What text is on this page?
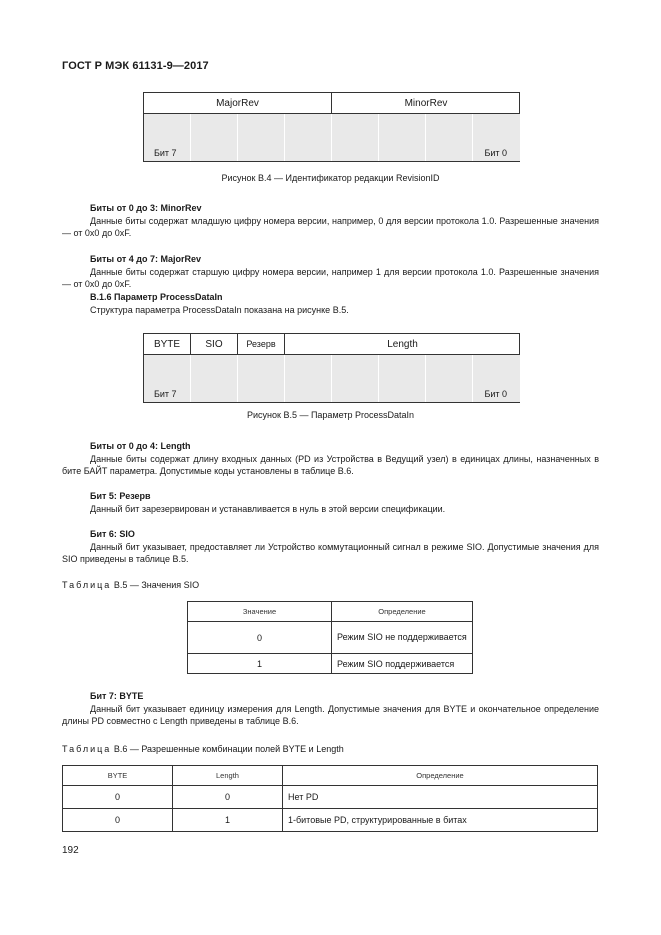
ГОСТ Р МЭК 61131-9—2017
MajorRev	MinorRev
Бит 7	Бит 0
Рисунок В.4 — Идентификатор редакции RevisionID
Биты от 0 до 3: MinorRev
Данные биты содержат младшую цифру номера версии, например, 0 для версии протокола 1.0. Разрешенные значения — от 0x0 до 0xF.
Биты от 4 до 7: MajorRev
Данные биты содержат старшую цифру номера версии, например 1 для версии протокола 1.0. Разрешенные значения — от 0x0 до 0xF.
В.1.6 Параметр ProcessDataIn
Структура параметра ProcessDataIn показана на рисунке В.5.
BYTE	SIO	Резерв	Length
Бит 7	Бит 0
Рисунок В.5 — Параметр ProcessDataIn
Биты от 0 до 4: Length
Данные биты содержат длину входных данных (PD из Устройства в Ведущий узел) в единицах длины, назначенных в бите БАЙТ параметра. Допустимые коды установлены в таблице В.6.
Бит 5: Резерв
Данный бит зарезервирован и устанавливается в нуль в этой версии спецификации.
Бит 6: SIO
Данный бит указывает, предоставляет ли Устройство коммутационный сигнал в режиме SIO. Допустимые значения для SIO приведены в таблице В.5.
Таблица В.5 — Значения SIO
Значение	Определение
0	Режим SIO не поддерживается
1	Режим SIO поддерживается
Бит 7: BYTE
Данный бит указывает единицу измерения для Length. Допустимые значения для BYTE и окончательное определение длины PD совместно с Length приведены в таблице В.6.
Таблица В.6 — Разрешенные комбинации полей BYTE и Length
BYTE	Length	Определение
0	0	Нет PD
0	1	1-битовые PD, структурированные в битах
192
